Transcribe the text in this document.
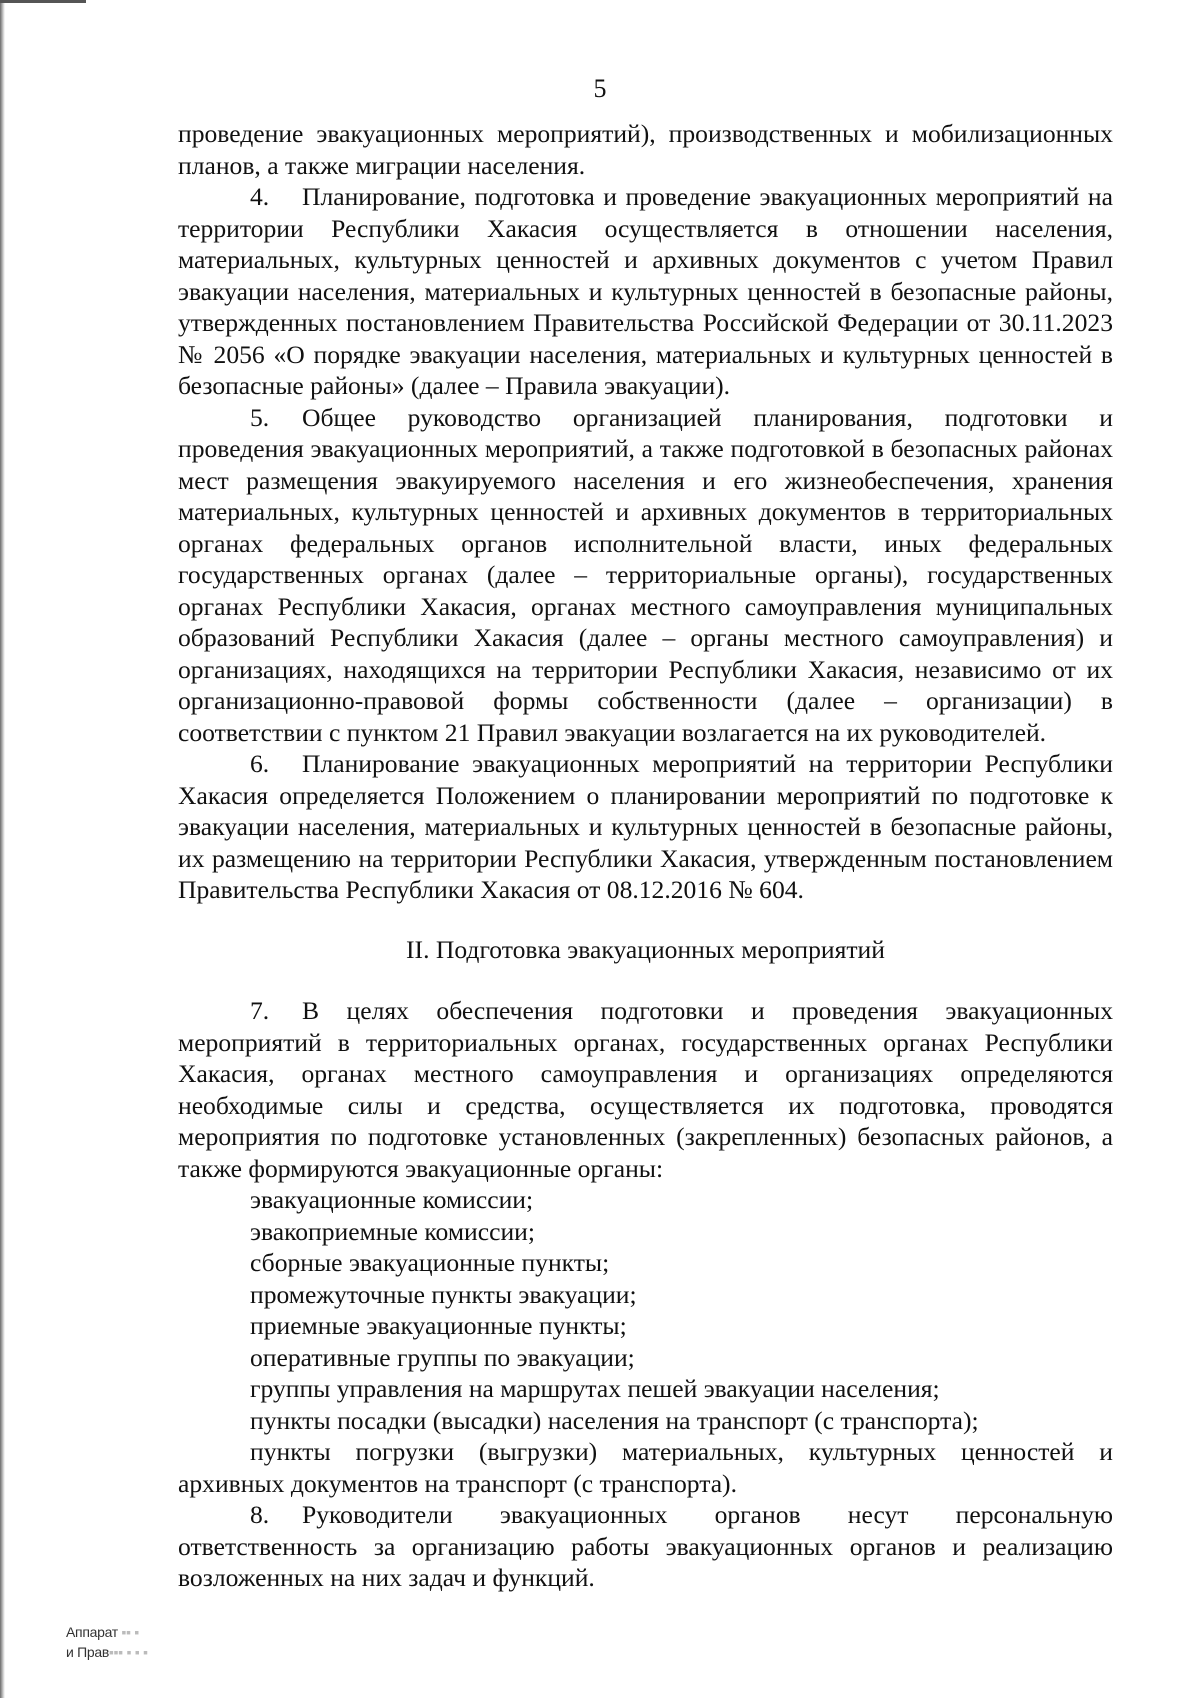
5

проведение эвакуационных мероприятий), производственных и мобилизационных планов, а также миграции населения.

4. Планирование, подготовка и проведение эвакуационных мероприятий на территории Республики Хакасия осуществляется в отношении населения, материальных, культурных ценностей и архивных документов с учетом Правил эвакуации населения, материальных и культурных ценностей в безопасные районы, утвержденных постановлением Правительства Российской Федерации от 30.11.2023 № 2056 «О порядке эвакуации населения, материальных и культурных ценностей в безопасные районы» (далее – Правила эвакуации).

5. Общее руководство организацией планирования, подготовки и проведения эвакуационных мероприятий, а также подготовкой в безопасных районах мест размещения эвакуируемого населения и его жизнеобеспечения, хранения материальных, культурных ценностей и архивных документов в территориальных органах федеральных органов исполнительной власти, иных федеральных государственных органах (далее – территориальные органы), государственных органах Республики Хакасия, органах местного самоуправления муниципальных образований Республики Хакасия (далее – органы местного самоуправления) и организациях, находящихся на территории Республики Хакасия, независимо от их организационно-правовой формы собственности (далее – организации) в соответствии с пунктом 21 Правил эвакуации возлагается на их руководителей.

6. Планирование эвакуационных мероприятий на территории Республики Хакасия определяется Положением о планировании мероприятий по подготовке к эвакуации населения, материальных и культурных ценностей в безопасные районы, их размещению на территории Республики Хакасия, утвержденным постановлением Правительства Республики Хакасия от 08.12.2016 № 604.

II. Подготовка эвакуационных мероприятий

7. В целях обеспечения подготовки и проведения эвакуационных мероприятий в территориальных органах, государственных органах Республики Хакасия, органах местного самоуправления и организациях определяются необходимые силы и средства, осуществляется их подготовка, проводятся мероприятия по подготовке установленных (закрепленных) безопасных районов, а также формируются эвакуационные органы:

эвакуационные комиссии;
эвакоприемные комиссии;
сборные эвакуационные пункты;
промежуточные пункты эвакуации;
приемные эвакуационные пункты;
оперативные группы по эвакуации;
группы управления на маршрутах пешей эвакуации населения;
пункты посадки (высадки) населения на транспорт (с транспорта);
пункты погрузки (выгрузки) материальных, культурных ценностей и архивных документов на транспорт (с транспорта).

8. Руководители эвакуационных органов несут персональную ответственность за организацию работы эвакуационных органов и реализацию возложенных на них задач и функций.

Аппарат ▪▪ ▪
и Прав▪▪▪ ▪ ▪ ▪
